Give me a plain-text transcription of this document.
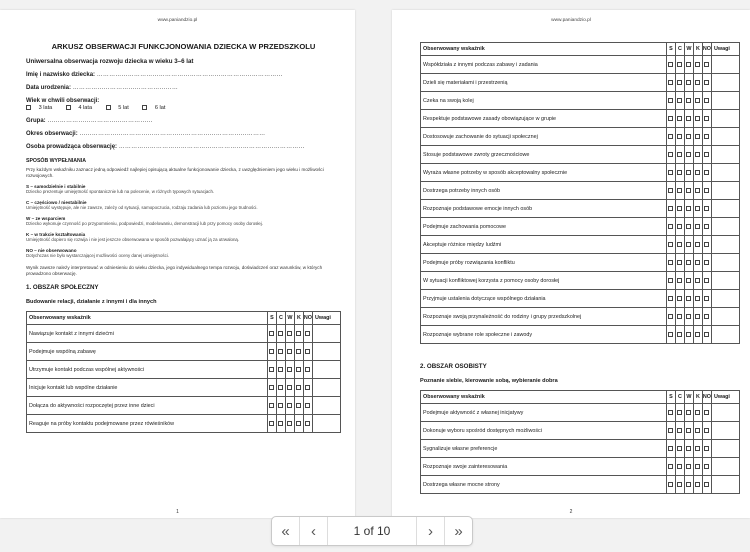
www.pani​andzio.pl
ARKUSZ OBSERWACJI FUNKCJONOWANIA DZIECKA W PRZEDSZKOLU
Uniwersalna obserwacja rozwoju dziecka w wieku 3–6 lat
Imię i nazwisko dziecka: ………………………………………………………………………………
Data urodzenia: ……………………………………………
Wiek w chwili obserwacji:
3 lata	4 lata	5 lat	6 lat
Grupa: ……………………………………………
Okres obserwacji: ………………………………………………………………………………
Osoba prowadząca obserwację: ………………………………………………………………………………
SPOSÓB WYPEŁNIANIA
Przy każdym wskaźniku zaznacz jedną odpowiedź najlepiej opisującą aktualne funkcjonowanie dziecka, z uwzględnieniem jego wieku i możliwości rozwojowych.
S – samodzielnie i stabilnie
Dziecko prezentuje umiejętność spontanicznie lub na polecenie, w różnych typowych sytuacjach.
C – częściowo / niestabilnie
Umiejętność występuje, ale nie zawsze, zależy od sytuacji, samopoczucia, rodzaju zadania lub poziomu jego trudności.
W – ze wsparciem
Dziecko wykonuje czynność po przypomnieniu, podpowiedzi, modelowaniu, demonstracji lub przy pomocy osoby dorosłej.
K – w trakcie kształtowania
Umiejętność dopiero się rozwija i nie jest jeszcze obserwowana w sposób pozwalający uznać ją za utrwaloną.
NO – nie obserwowano
Dotychczas nie było wystarczającej możliwości oceny danej umiejętności.
Wynik zawsze należy interpretować w odniesieniu do wieku dziecka, jego indywidualnego tempa rozwoju, doświadczeń oraz warunków, w których prowadzono obserwację.
1. OBSZAR SPOŁECZNY
Budowanie relacji, działanie z innymi i dla innych
Obserwowany wskaźnik	S	C	W	K	NO	Uwagi
Nawiązuje kontakt z innymi dziećmi						
Podejmuje wspólną zabawę						
Utrzymuje kontakt podczas wspólnej aktywności						
Inicjuje kontakt lub wspólne działanie						
Dołącza do aktywności rozpoczętej przez inne dzieci						
Reaguje na próby kontaktu podejmowane przez rówieśników						
1
www.pani​andzio.pl
Obserwowany wskaźnik	S	C	W	K	NO	Uwagi
Współdziała z innymi podczas zabawy i zadania						
Dzieli się materiałami i przestrzenią						
Czeka na swoją kolej						
Respektuje podstawowe zasady obowiązujące w grupie						
Dostosowuje zachowanie do sytuacji społecznej						
Stosuje podstawowe zwroty grzecznościowe						
Wyraża własne potrzeby w sposób akceptowalny społecznie						
Dostrzega potrzeby innych osób						
Rozpoznaje podstawowe emocje innych osób						
Podejmuje zachowania pomocowe						
Akceptuje różnice między ludźmi						
Podejmuje próby rozwiązania konfliktu						
W sytuacji konfliktowej korzysta z pomocy osoby dorosłej						
Przyjmuje ustalenia dotyczące wspólnego działania						
Rozpoznaje swoją przynależność do rodziny i grupy przedszkolnej						
Rozpoznaje wybrane role społeczne i zawody						
2. OBSZAR OSOBISTY
Poznanie siebie, kierowanie sobą, wybieranie dobra
Obserwowany wskaźnik	S	C	W	K	NO	Uwagi
Podejmuje aktywność z własnej inicjatywy						
Dokonuje wyboru spośród dostępnych możliwości						
Sygnalizuje własne preferencje						
Rozpoznaje swoje zainteresowania						
Dostrzega własne mocne strony						
2
«	‹	1 of 10	›	»
